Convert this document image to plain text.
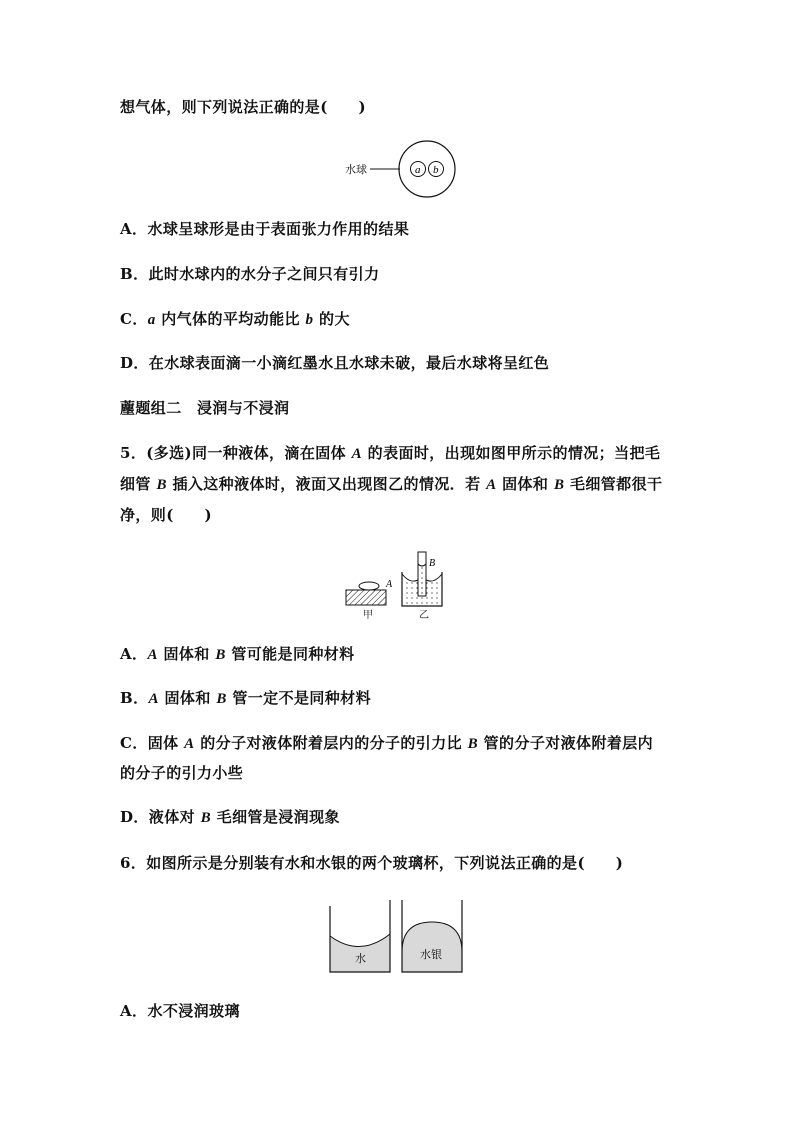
想气体，则下列说法正确的是(　　)
水球	a b
A．水球呈球形是由于表面张力作用的结果
B．此时水球内的水分子之间只有引力
C．a 内气体的平均动能比 b 的大
D．在水球表面滴一小滴红墨水且水球未破，最后水球将呈红色
薼题组二　浸润与不浸润
5．(多选)同一种液体，滴在固体 A 的表面时，出现如图甲所示的情况；当把毛
细管 B 插入这种液体时，液面又出现图乙的情况．若 A 固体和 B 毛细管都很干
净，则(　　)
A
甲
B
乙
A．A 固体和 B 管可能是同种材料
B．A 固体和 B 管一定不是同种材料
C．固体 A 的分子对液体附着层内的分子的引力比 B 管的分子对液体附着层内
的分子的引力小些
D．液体对 B 毛细管是浸润现象
6．如图所示是分别装有水和水银的两个玻璃杯，下列说法正确的是(　　)
水	水银
A．水不浸润玻璃
